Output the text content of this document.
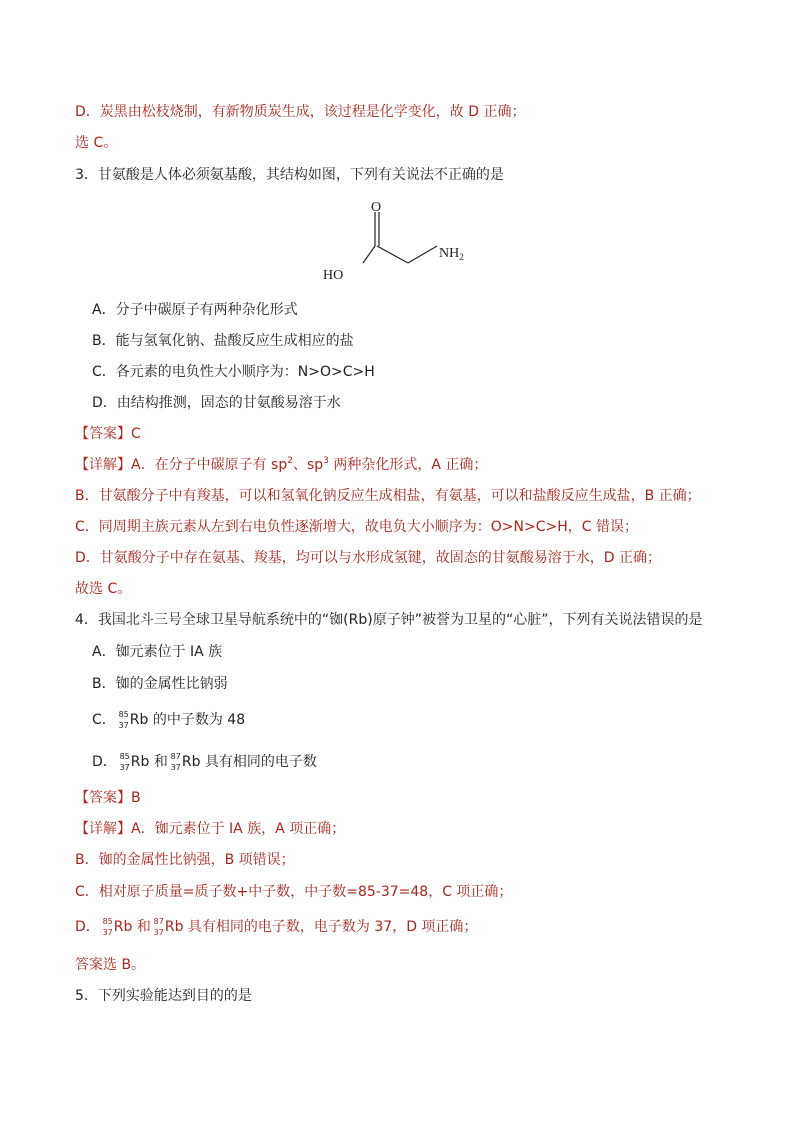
D．炭黑由松枝烧制，有新物质炭生成，该过程是化学变化，故 D 正确；
选 C。
3．甘氨酸是人体必须氨基酸，其结构如图，下列有关说法不正确的是
O
HO
$NH_2$
A．分子中碳原子有两种杂化形式
B．能与氢氧化钠、盐酸反应生成相应的盐
C．各元素的电负性大小顺序为：N>O>C>H
D．由结构推测，固态的甘氨酸易溶于水
【答案】C
【详解】A．在分子中碳原子有 $sp^2$、$sp^3$ 两种杂化形式，A 正确；
B．甘氨酸分子中有羧基，可以和氢氧化钠反应生成相盐，有氨基，可以和盐酸反应生成盐，B 正确；
C．同周期主族元素从左到右电负性逐渐增大，故电负大小顺序为：O>N>C>H，C 错误；
D．甘氨酸分子中存在氨基、羧基，均可以与水形成氢键，故固态的甘氨酸易溶于水，D 正确；
故选 C。
4．我国北斗三号全球卫星导航系统中的“铷(Rb)原子钟”被誉为卫星的“心脏”，下列有关说法错误的是
A．铷元素位于 IA 族
B．铷的金属性比钠弱
C． 85
37 Rb 的中子数为 48
D． 85
37 Rb 和 87
37 Rb 具有相同的电子数
【答案】B
【详解】A．铷元素位于 IA 族，A 项正确；
B．铷的金属性比钠强，B 项错误；
C．相对原子质量=质子数+中子数，中子数=85-37=48，C 项正确；
D． 85
37 Rb 和 87
37 Rb 具有相同的电子数，电子数为 37，D 项正确；
答案选 B。
5．下列实验能达到目的的是
